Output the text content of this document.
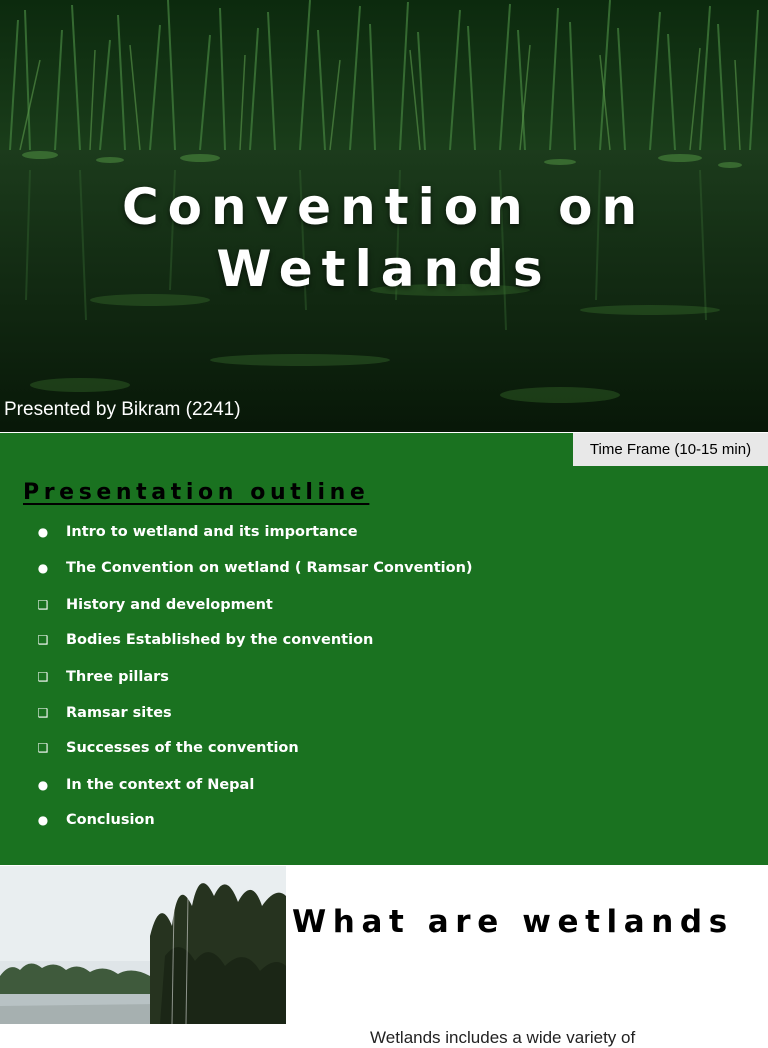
Convention on
Wetlands
Presented by Bikram (2241)
Time Frame (10-15 min)
Presentation outline
● Intro to wetland and its importance
● The Convention on wetland ( Ramsar Convention)
❑ History and development
❑ Bodies Established by the convention
❑ Three pillars
❑ Ramsar sites
❑ Successes of the convention
● In the context of Nepal
● Conclusion
What are wetlands

Wetlands includes a wide variety of
